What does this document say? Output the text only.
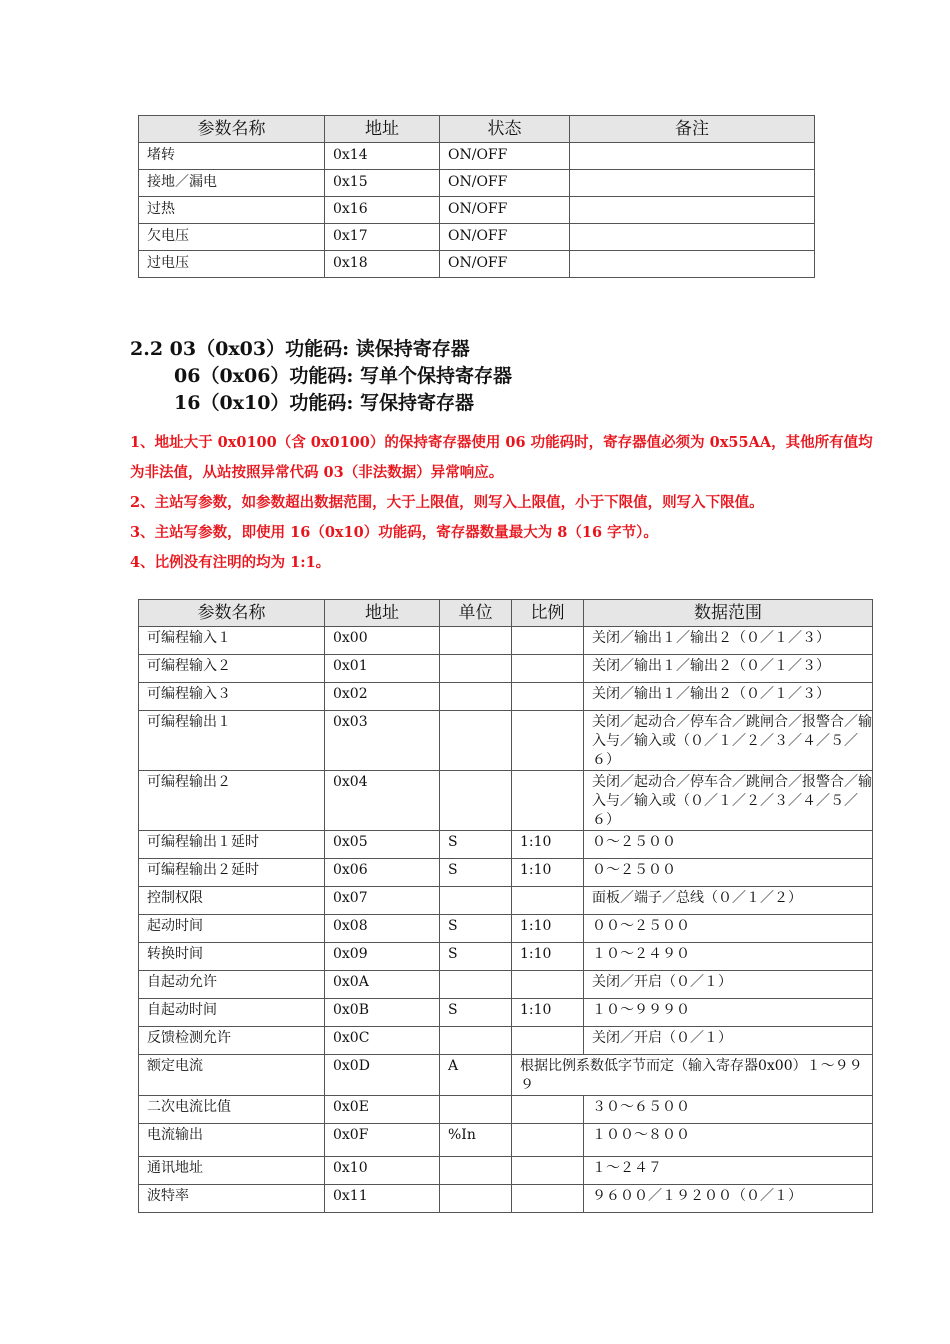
参数名称	地址	状态	备注
堵转	0x14	ON/OFF	
接地／漏电	0x15	ON/OFF	
过热	0x16	ON/OFF	
欠电压	0x17	ON/OFF	
过电压	0x18	ON/OFF	
2.2 03（0x03）功能码: 读保持寄存器
06（0x06）功能码: 写单个保持寄存器
16（0x10）功能码: 写保持寄存器

1、地址大于 0x0100（含 0x0100）的保持寄存器使用 06 功能码时，寄存器值必须为 0x55AA，其他所有值均为非法值，从站按照异常代码 03（非法数据）异常响应。

2、主站写参数，如参数超出数据范围，大于上限值，则写入上限值，小于下限值，则写入下限值。

3、主站写参数，即使用 16（0x10）功能码，寄存器数量最大为 8（16 字节）。

4、比例没有注明的均为 1:1。

参数名称	地址	单位	比例	数据范围
可编程输入１	0x00			关闭／输出１／输出２（０／１／３）
可编程输入２	0x01			关闭／输出１／输出２（０／１／３）
可编程输入３	0x02			关闭／输出１／输出２（０／１／３）
可编程输出１	0x03			关闭／起动合／停车合／跳闸合／报警合／输入与／输入或（０／１／２／３／４／５／６）
可编程输出２	0x04			关闭／起动合／停车合／跳闸合／报警合／输入与／输入或（０／１／２／３／４／５／６）
可编程输出１延时	0x05	S	1:10	０～２５００
可编程输出２延时	0x06	S	1:10	０～２５００
控制权限	0x07			面板／端子／总线（０／１／２）
起动时间	0x08	S	1:10	００～２５００
转换时间	0x09	S	1:10	１０～２４９０
自起动允许	0x0A			关闭／开启（０／１）
自起动时间	0x0B	S	1:10	１０～９９９０
反馈检测允许	0x0C			关闭／开启（０／１）
额定电流	0x0D	A	根据比例系数低字节而定（输入寄存器0x00）１～９９９	
二次电流比值	0x0E			３０～６５００
电流输出	0x0F	%In		１００～８００
通讯地址	0x10			１～２４７
波特率	0x11			９６００／１９２００（０／１）
